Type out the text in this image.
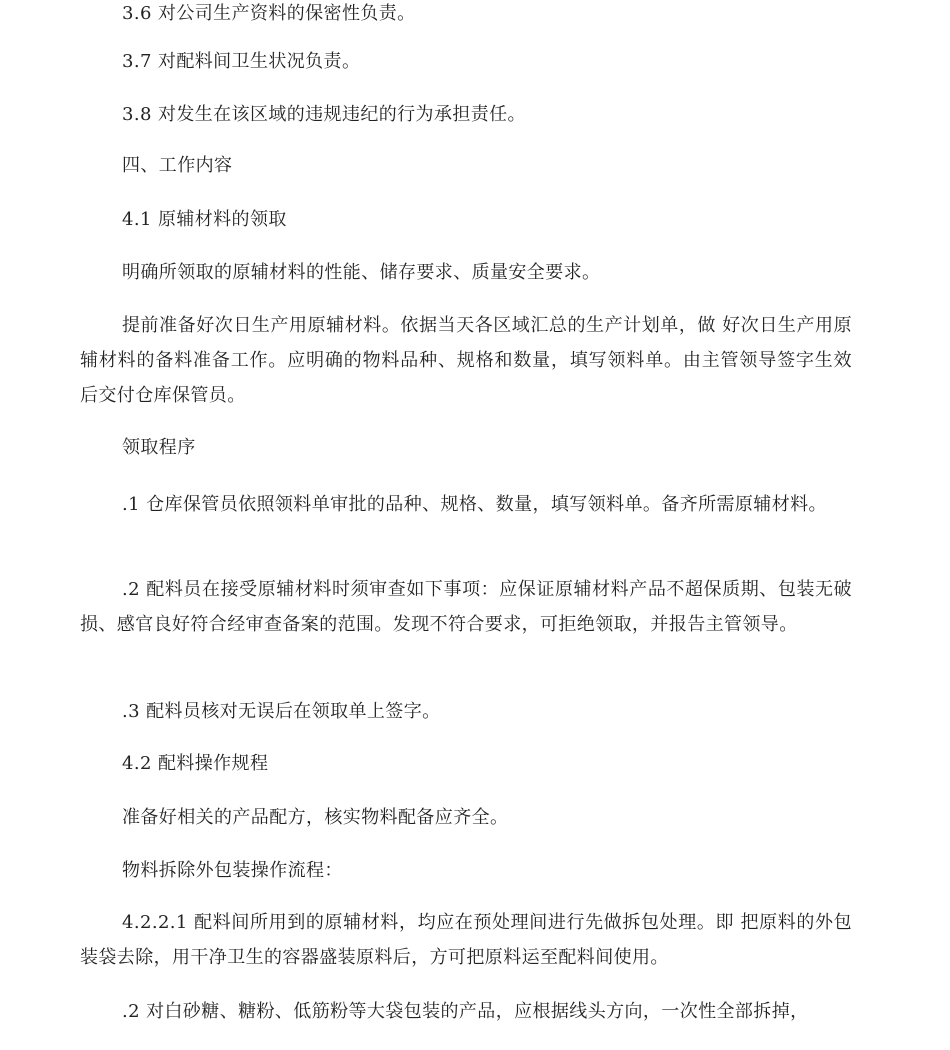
3.6 对公司生产资料的保密性负责。

3.7 对配料间卫生状况负责。

3.8 对发生在该区域的违规违纪的行为承担责任。

四、工作内容

4.1 原辅材料的领取

明确所领取的原辅材料的性能、储存要求、质量安全要求。

提前准备好次日生产用原辅材料。依据当天各区域汇总的生产计划单，做 好次日生产用原辅材料的备料准备工作。应明确的物料品种、规格和数量，填写领料单。由主管领导签字生效后交付仓库保管员。

领取程序

.1 仓库保管员依照领料单审批的品种、规格、数量，填写领料单。备齐所需原辅材料。

.2 配料员在接受原辅材料时须审查如下事项：应保证原辅材料产品不超保质期、包装无破损、感官良好符合经审查备案的范围。发现不符合要求，可拒绝领取，并报告主管领导。

.3 配料员核对无误后在领取单上签字。

4.2 配料操作规程

准备好相关的产品配方，核实物料配备应齐全。

物料拆除外包装操作流程：

4.2.2.1 配料间所用到的原辅材料，均应在预处理间进行先做拆包处理。即 把原料的外包装袋去除，用干净卫生的容器盛装原料后，方可把原料运至配料间使用。

.2 对白砂糖、糖粉、低筋粉等大袋包装的产品，应根据线头方向，一次性全部拆掉，
